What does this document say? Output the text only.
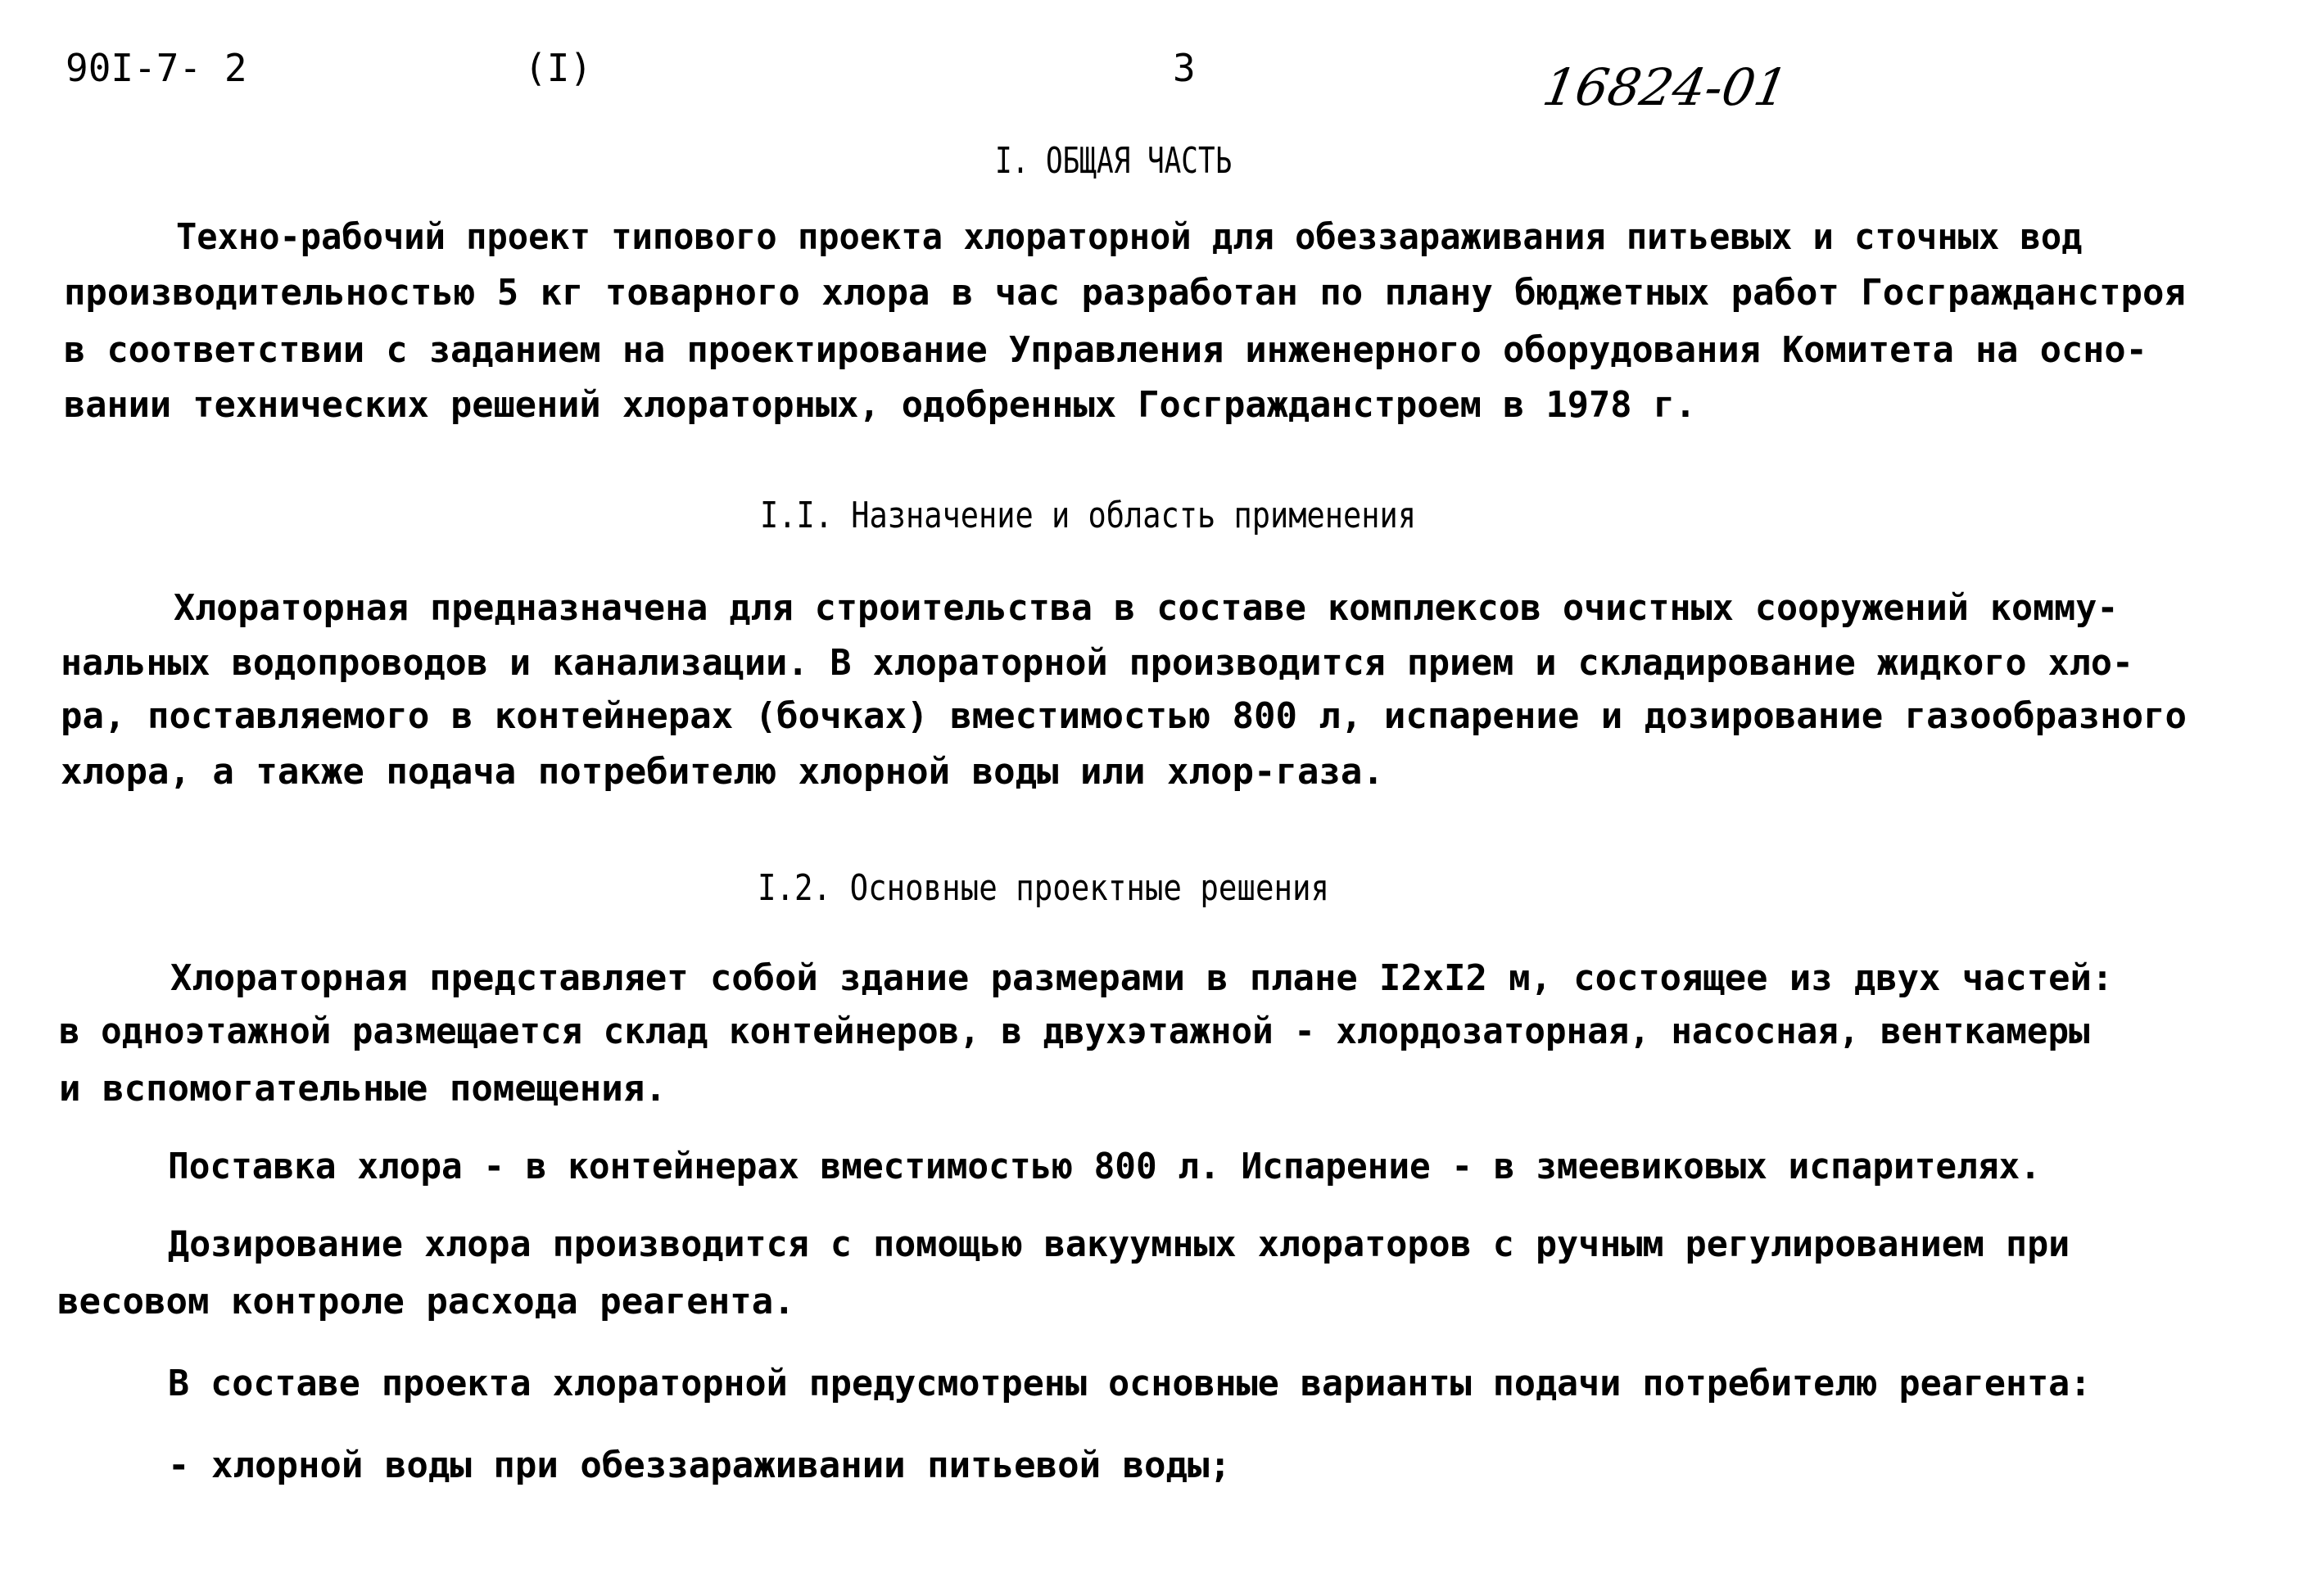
90I-7- 2	(I)	3	16824-01
I. ОБЩАЯ ЧАСТЬ
Техно-рабочий проект типового проекта хлораторной для обеззараживания питьевых и сточных вод
производительностью 5 кг товарного хлора в час разработан по плану бюджетных работ Госгражданстроя
в соответствии с заданием на проектирование Управления инженерного оборудования Комитета на осно-
вании технических решений хлораторных, одобренных Госгражданстроем в 1978 г.
I.I. Назначение и область применения
Хлораторная предназначена для строительства в составе комплексов очистных сооружений комму-
нальных водопроводов и канализации. В хлораторной производится прием и складирование жидкого хло-
ра, поставляемого в контейнерах (бочках) вместимостью 800 л, испарение и дозирование газообразного
хлора, а также подача потребителю хлорной воды или хлор-газа.
I.2. Основные проектные решения
Хлораторная представляет собой здание размерами в плане I2xI2 м, состоящее из двух частей:
в одноэтажной размещается склад контейнеров, в двухэтажной - хлордозаторная, насосная, венткамеры
и вспомогательные помещения.
Поставка хлора - в контейнерах вместимостью 800 л. Испарение - в змеевиковых испарителях.
Дозирование хлора производится с помощью вакуумных хлораторов с ручным регулированием при
весовом контроле расхода реагента.
В составе проекта хлораторной предусмотрены основные варианты подачи потребителю реагента:
- хлорной воды при обеззараживании питьевой воды;
